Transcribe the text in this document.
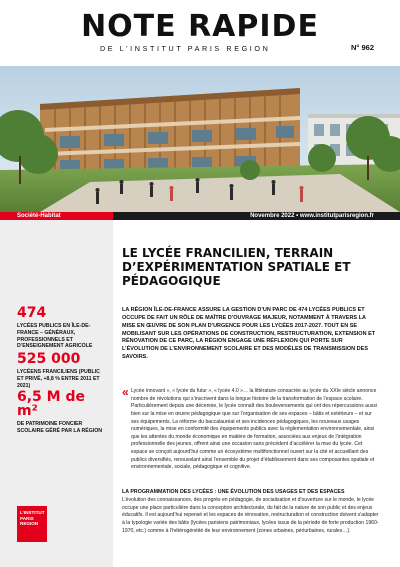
NOTE RAPIDE
DE L’INSTITUT PARIS REGION	N° 962
Société-Habitat	Novembre 2022 • www.institutparisregion.fr
474
LYCÉES PUBLICS EN ÎLE-DE-FRANCE – GÉNÉRAUX, PROFESSIONNELS ET D’ENSEIGNEMENT AGRICOLE
525 000
LYCÉENS FRANCILIENS (PUBLIC ET PRIVÉ, +8,8 % ENTRE 2011 ET 2021)
6,5 M de m²
DE PATRIMOINE FONCIER SCOLAIRE GÉRÉ PAR LA RÉGION
L’INSTITUT
PARIS
REGION
LE LYCÉE FRANCILIEN, TERRAIN D’EXPÉRIMENTATION SPATIALE ET PÉDAGOGIQUE
LA RÉGION ÎLE-DE-FRANCE ASSURE LA GESTION D’UN PARC DE 474 LYCÉES PUBLICS ET OCCUPE DE FAIT UN RÔLE DE MAÎTRE D’OUVRAGE MAJEUR, NOTAMMENT À TRAVERS LA MISE EN ŒUVRE DE SON PLAN D’URGENCE POUR LES LYCÉES 2017-2027. TOUT EN SE MOBILISANT SUR LES OPÉRATIONS DE CONSTRUCTION, RESTRUCTURATION, EXTENSION ET RÉNOVATION DE CE PARC, LA RÉGION ENGAGE UNE RÉFLEXION QUI PORTE SUR L’ÉVOLUTION DE L’ENVIRONNEMENT SCOLAIRE ET DES MODÈLES DE TRANSMISSION DES SAVOIRS.
« Lycée innovant », « lycée du futur », « lycée 4.0 »… la littérature consacrée au lycée du XXIe siècle annonce nombre de révolutions qui s’inscrivent dans la longue histoire de la transformation de l’espace scolaire. Particulièrement depuis une décennie, le lycée connaît des bouleversements qui ont des répercussions aussi bien sur la mise en œuvre pédagogique que sur l’organisation de ses espaces – bâtis et extérieurs – et sur ses équipements. La réforme du baccalauréat et ses incidences pédagogiques, les nouveaux usages numériques, la mise en conformité des équipements publics avec la réglementation environnementale, ainsi que les attentes du monde économique en matière de formation, associées aux enjeux de l’intégration professionnelle des jeunes, offrent ainsi une occasion sans précédent d’accélérer la mue du lycée. Cet espace se conçoit aujourd’hui comme un écosystème multifonctionnel ouvert sur la cité et accueillant des publics diversifiés, renouvelant ainsi l’ensemble du projet d’établissement dans ses composantes spatiale et environnementale, sociale, pédagogique et cognitive.
LA PROGRAMMATION DES LYCÉES : UNE ÉVOLUTION DES USAGES ET DES ESPACES
L’évolution des connaissances, des progrès en pédagogie, de socialisation et d’ouverture sur le monde, le lycée occupe une place particulière dans la conception architecturale, du fait de la nature de son public et des enjeux éducatifs. Il est aujourd’hui repensé et les espaces de rénovation, restructuration et construction doivent s’adapter à la typologie variée des bâtis (lycées parisiens patrimoniaux, lycées issus de la période de forte production 1960-1970, etc.) comme à l’hétérogénéité de leur environnement (zones urbaines, périurbaines, rurales…).
